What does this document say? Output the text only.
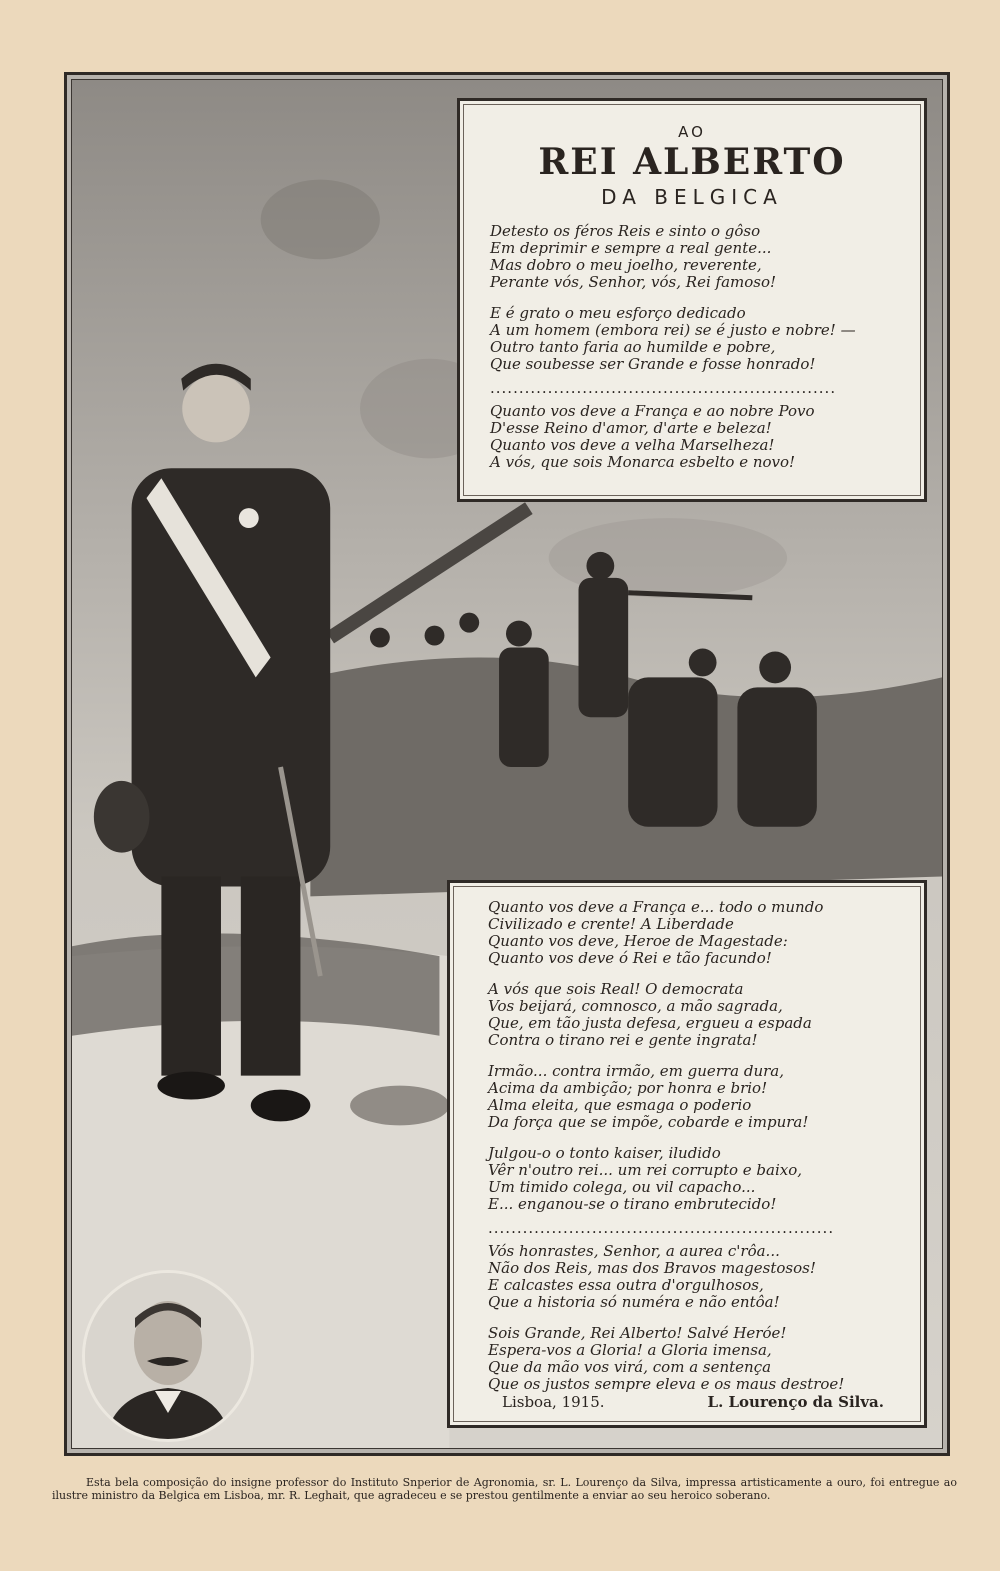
AO
REI ALBERTO
DA BELGICA
Detesto os féros Reis e sinto o gôso
Em deprimir e sempre a real gente...
Mas dobro o meu joelho, reverente,
Perante vós, Senhor, vós, Rei famoso!
E é grato o meu esforço dedicado
A um homem (embora rei) se é justo e nobre! —
Outro tanto faria ao humilde e pobre,
Que soubesse ser Grande e fosse honrado!
............................................................
Quanto vos deve a França e ao nobre Povo
D'esse Reino d'amor, d'arte e beleza!
Quanto vos deve a velha Marselheza!
A vós, que sois Monarca esbelto e novo!
Quanto vos deve a França e... todo o mundo
Civilizado e crente! A Liberdade
Quanto vos deve, Heroe de Magestade:
Quanto vos deve ó Rei e tão facundo!
A vós que sois Real! O democrata
Vos beijará, comnosco, a mão sagrada,
Que, em tão justa defesa, ergueu a espada
Contra o tirano rei e gente ingrata!
Irmão... contra irmão, em guerra dura,
Acima da ambição; por honra e brio!
Alma eleita, que esmaga o poderio
Da força que se impõe, cobarde e impura!
Julgou-o o tonto kaiser, iludido
Vêr n'outro rei... um rei corrupto e baixo,
Um timido colega, ou vil capacho...
E... enganou-se o tirano embrutecido!
............................................................
Vós honrastes, Senhor, a aurea c'rôa...
Não dos Reis, mas dos Bravos magestosos!
E calcastes essa outra d'orgulhosos,
Que a historia só numéra e não entôa!
Sois Grande, Rei Alberto! Salvé Heróe!
Espera-vos a Gloria! a Gloria imensa,
Que da mão vos virá, com a sentença
Que os justos sempre eleva e os maus destroe!
Lisboa, 1915.	L. Lourenço da Silva.
Esta bela composição do insigne professor do Instituto Snperior de Agronomia, sr. L. Lourenço da Silva, impressa artisticamente a ouro, foi entregue ao ilustre ministro da Belgica em Lisboa, mr. R. Leghait, que agradeceu e se prestou gentilmente a enviar ao seu heroico soberano.
